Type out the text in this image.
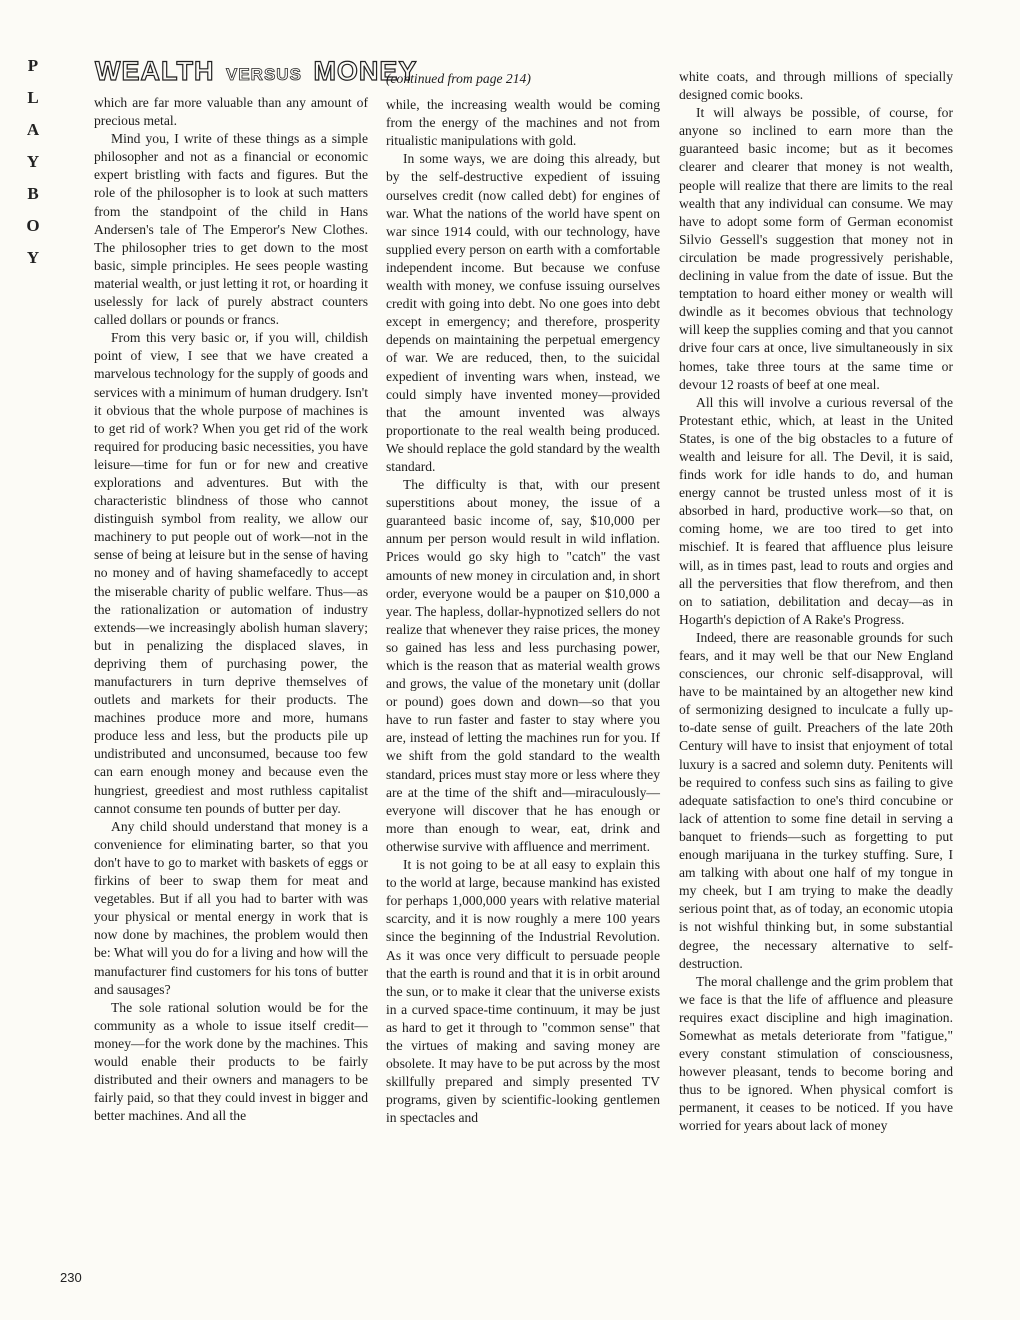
P
L
A
Y
B
O
Y
WEALTH VERSUS MONEY

which are far more valuable than any amount of precious metal.

Mind you, I write of these things as a simple philosopher and not as a financial or economic expert bristling with facts and figures. But the role of the philosopher is to look at such matters from the standpoint of the child in Hans Andersen's tale of The Emperor's New Clothes. The philosopher tries to get down to the most basic, simple principles. He sees people wasting material wealth, or just letting it rot, or hoarding it uselessly for lack of purely abstract counters called dollars or pounds or francs.

From this very basic or, if you will, childish point of view, I see that we have created a marvelous technology for the supply of goods and services with a minimum of human drudgery. Isn't it obvious that the whole purpose of machines is to get rid of work? When you get rid of the work required for producing basic necessities, you have leisure—time for fun or for new and creative explorations and adventures. But with the characteristic blindness of those who cannot distinguish symbol from reality, we allow our machinery to put people out of work—not in the sense of being at leisure but in the sense of having no money and of having shamefacedly to accept the miserable charity of public welfare. Thus—as the rationalization or automation of industry extends—we increasingly abolish human slavery; but in penalizing the displaced slaves, in depriving them of purchasing power, the manufacturers in turn deprive themselves of outlets and markets for their products. The machines produce more and more, humans produce less and less, but the products pile up undistributed and unconsumed, because too few can earn enough money and because even the hungriest, greediest and most ruthless capitalist cannot consume ten pounds of butter per day.

Any child should understand that money is a convenience for eliminating barter, so that you don't have to go to market with baskets of eggs or firkins of beer to swap them for meat and vegetables. But if all you had to barter with was your physical or mental energy in work that is now done by machines, the problem would then be: What will you do for a living and how will the manufacturer find customers for his tons of butter and sausages?

The sole rational solution would be for the community as a whole to issue itself credit—money—for the work done by the machines. This would enable their products to be fairly distributed and their owners and managers to be fairly paid, so that they could invest in bigger and better machines. And all the

(continued from page 214)

while, the increasing wealth would be coming from the energy of the machines and not from ritualistic manipulations with gold.

In some ways, we are doing this already, but by the self-destructive expedient of issuing ourselves credit (now called debt) for engines of war. What the nations of the world have spent on war since 1914 could, with our technology, have supplied every person on earth with a comfortable independent income. But because we confuse wealth with money, we confuse issuing ourselves credit with going into debt. No one goes into debt except in emergency; and therefore, prosperity depends on maintaining the perpetual emergency of war. We are reduced, then, to the suicidal expedient of inventing wars when, instead, we could simply have invented money—provided that the amount invented was always proportionate to the real wealth being produced. We should replace the gold standard by the wealth standard.

The difficulty is that, with our present superstitions about money, the issue of a guaranteed basic income of, say, $10,000 per annum per person would result in wild inflation. Prices would go sky high to "catch" the vast amounts of new money in circulation and, in short order, everyone would be a pauper on $10,000 a year. The hapless, dollar-hypnotized sellers do not realize that whenever they raise prices, the money so gained has less and less purchasing power, which is the reason that as material wealth grows and grows, the value of the monetary unit (dollar or pound) goes down and down—so that you have to run faster and faster to stay where you are, instead of letting the machines run for you. If we shift from the gold standard to the wealth standard, prices must stay more or less where they are at the time of the shift and—miraculously—everyone will discover that he has enough or more than enough to wear, eat, drink and otherwise survive with affluence and merriment.

It is not going to be at all easy to explain this to the world at large, because mankind has existed for perhaps 1,000,000 years with relative material scarcity, and it is now roughly a mere 100 years since the beginning of the Industrial Revolution. As it was once very difficult to persuade people that the earth is round and that it is in orbit around the sun, or to make it clear that the universe exists in a curved space-time continuum, it may be just as hard to get it through to "common sense" that the virtues of making and saving money are obsolete. It may have to be put across by the most skillfully prepared and simply presented TV programs, given by scientific-looking gentlemen in spectacles and

white coats, and through millions of specially designed comic books.

It will always be possible, of course, for anyone so inclined to earn more than the guaranteed basic income; but as it becomes clearer and clearer that money is not wealth, people will realize that there are limits to the real wealth that any individual can consume. We may have to adopt some form of German economist Silvio Gessell's suggestion that money not in circulation be made progressively perishable, declining in value from the date of issue. But the temptation to hoard either money or wealth will dwindle as it becomes obvious that technology will keep the supplies coming and that you cannot drive four cars at once, live simultaneously in six homes, take three tours at the same time or devour 12 roasts of beef at one meal.

All this will involve a curious reversal of the Protestant ethic, which, at least in the United States, is one of the big obstacles to a future of wealth and leisure for all. The Devil, it is said, finds work for idle hands to do, and human energy cannot be trusted unless most of it is absorbed in hard, productive work—so that, on coming home, we are too tired to get into mischief. It is feared that affluence plus leisure will, as in times past, lead to routs and orgies and all the perversities that flow therefrom, and then on to satiation, debilitation and decay—as in Hogarth's depiction of A Rake's Progress.

Indeed, there are reasonable grounds for such fears, and it may well be that our New England consciences, our chronic self-disapproval, will have to be maintained by an altogether new kind of sermonizing designed to inculcate a fully up-to-date sense of guilt. Preachers of the late 20th Century will have to insist that enjoyment of total luxury is a sacred and solemn duty. Penitents will be required to confess such sins as failing to give adequate satisfaction to one's third concubine or lack of attention to some fine detail in serving a banquet to friends—such as forgetting to put enough marijuana in the turkey stuffing. Sure, I am talking with about one half of my tongue in my cheek, but I am trying to make the deadly serious point that, as of today, an economic utopia is not wishful thinking but, in some substantial degree, the necessary alternative to self-destruction.

The moral challenge and the grim problem that we face is that the life of affluence and pleasure requires exact discipline and high imagination. Somewhat as metals deteriorate from "fatigue," every constant stimulation of consciousness, however pleasant, tends to become boring and thus to be ignored. When physical comfort is permanent, it ceases to be noticed. If you have worried for years about lack of money

230
